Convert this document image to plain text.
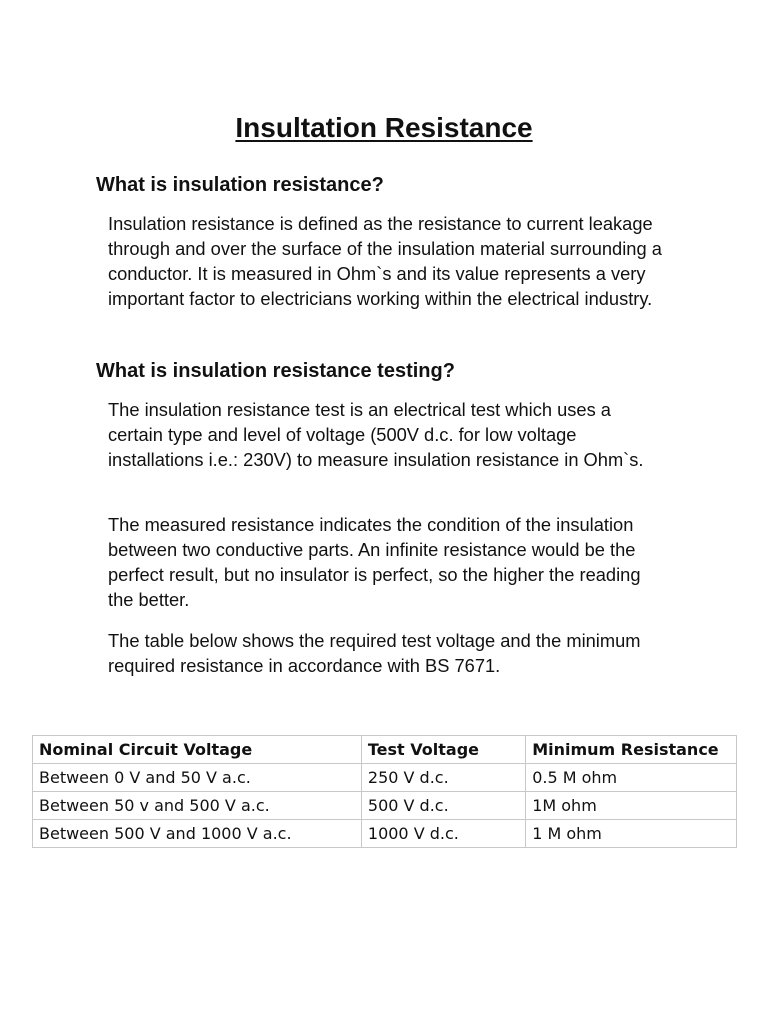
Insultation Resistance
What is insulation resistance?

Insulation resistance is defined as the resistance to current leakage through and over the surface of the insulation material surrounding a conductor. It is measured in Ohm`s and its value represents a very important factor to electricians working within the electrical industry.

What is insulation resistance testing?

The insulation resistance test is an electrical test which uses a certain type and level of voltage (500V d.c. for low voltage installations i.e.: 230V) to measure insulation resistance in Ohm`s.

The measured resistance indicates the condition of the insulation between two conductive parts. An infinite resistance would be the perfect result, but no insulator is perfect, so the higher the reading the better.

The table below shows the required test voltage and the minimum required resistance in accordance with BS 7671.

Nominal Circuit Voltage	Test Voltage	Minimum Resistance
Between 0 V and 50 V a.c.	250 V d.c.	0.5 M ohm
Between 50 v and 500 V a.c.	500 V d.c.	1M ohm
Between 500 V and 1000 V a.c.	1000 V d.c.	1 M ohm
